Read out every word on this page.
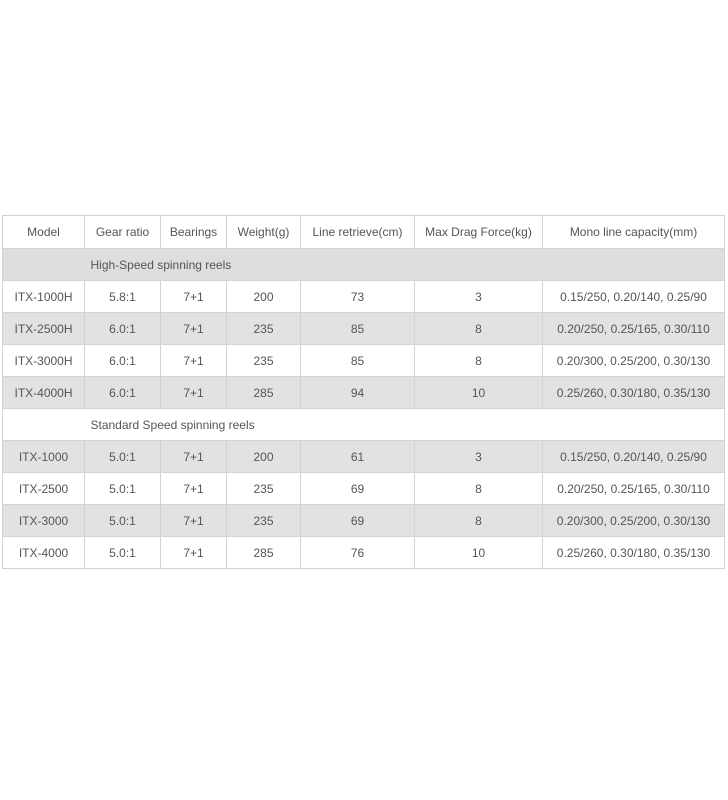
Model	Gear ratio	Bearings	Weight(g)	Line retrieve(cm)	Max Drag Force(kg)	Mono line capacity(mm)
	High-Speed spinning reels					
ITX-1000H	5.8:1	7+1	200	73	3	0.15/250, 0.20/140, 0.25/90
ITX-2500H	6.0:1	7+1	235	85	8	0.20/250, 0.25/165, 0.30/110
ITX-3000H	6.0:1	7+1	235	85	8	0.20/300, 0.25/200, 0.30/130
ITX-4000H	6.0:1	7+1	285	94	10	0.25/260, 0.30/180, 0.35/130
	Standard Speed spinning reels					
ITX-1000	5.0:1	7+1	200	61	3	0.15/250, 0.20/140, 0.25/90
ITX-2500	5.0:1	7+1	235	69	8	0.20/250, 0.25/165, 0.30/110
ITX-3000	5.0:1	7+1	235	69	8	0.20/300, 0.25/200, 0.30/130
ITX-4000	5.0:1	7+1	285	76	10	0.25/260, 0.30/180, 0.35/130
